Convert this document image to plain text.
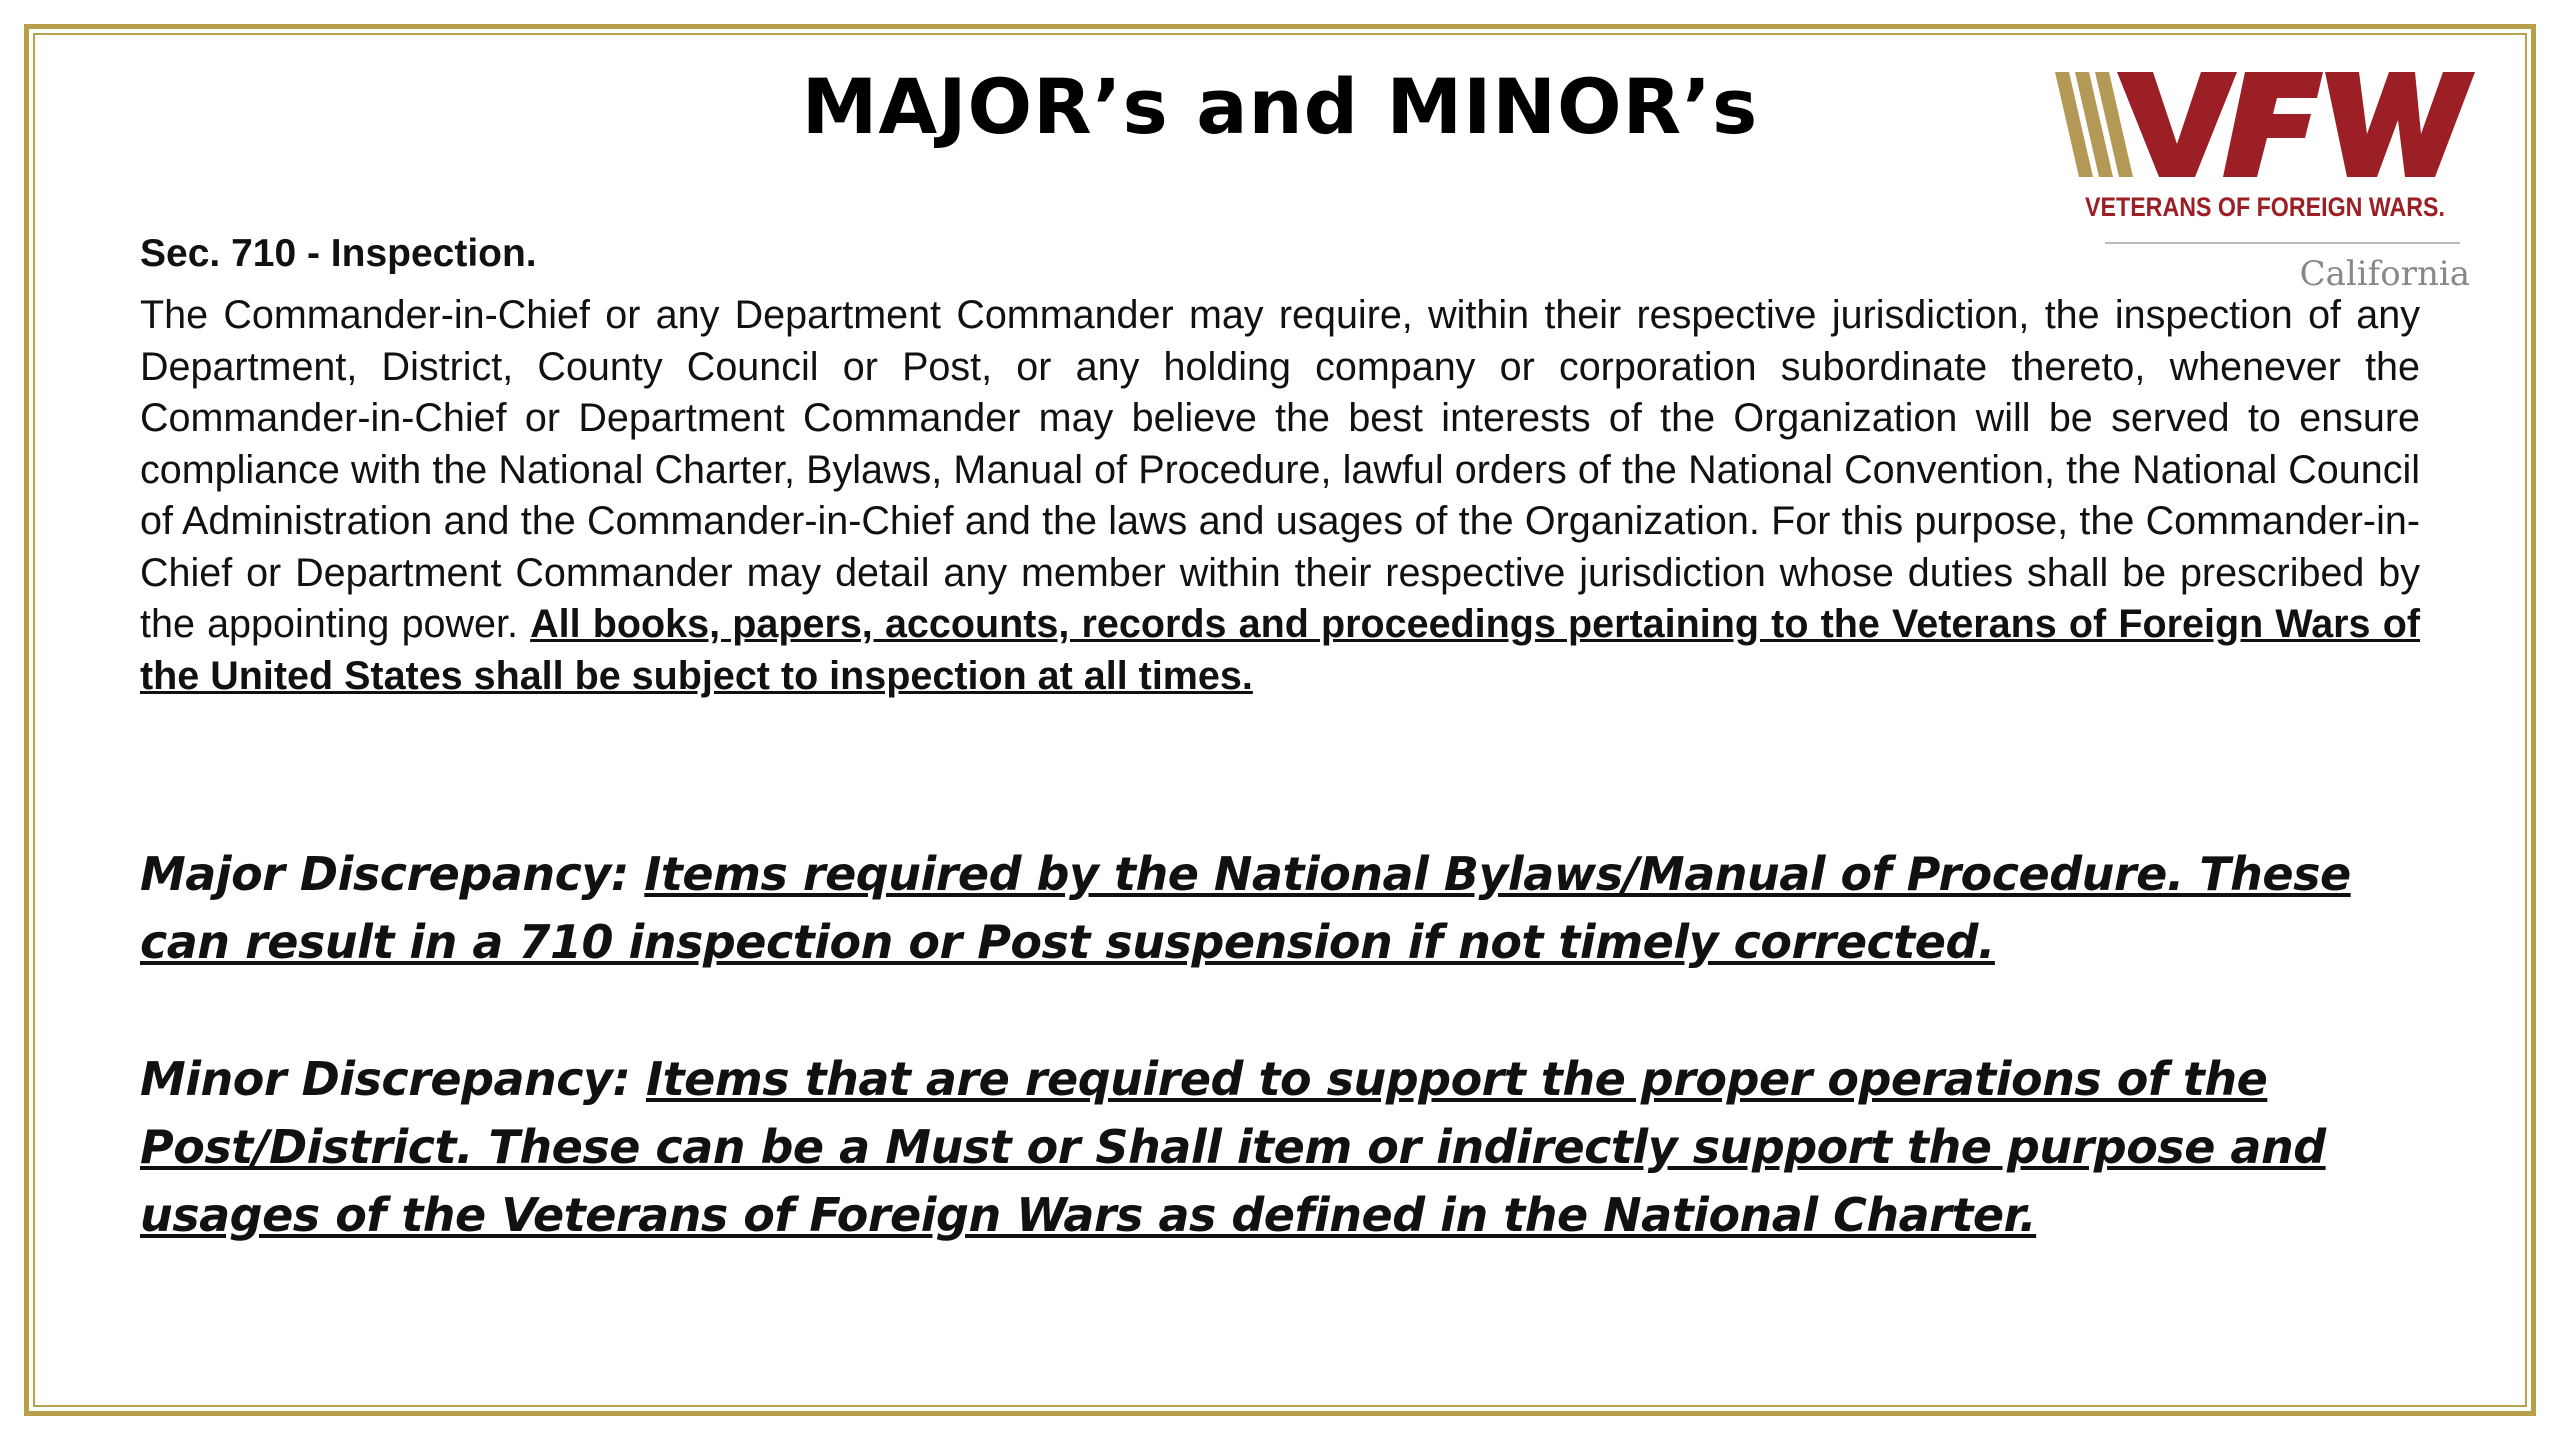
MAJOR’s and MINOR’s
VETERANS OF FOREIGN WARS.
California
Sec. 710 - Inspection.

The Commander-in-Chief or any Department Commander may require, within their respective jurisdiction, the inspection of any Department, District, County Council or Post, or any holding company or corporation subordinate thereto, whenever the Commander-in-Chief or Department Commander may believe the best interests of the Organization will be served to ensure compliance with the National Charter, Bylaws, Manual of Procedure, lawful orders of the National Convention, the National Council of Administration and the Commander-in-Chief and the laws and usages of the Organization. For this purpose, the Commander-in-Chief or Department Commander may detail any member within their respective jurisdiction whose duties shall be prescribed by the appointing power. All books, papers, accounts, records and proceedings pertaining to the Veterans of Foreign Wars of the United States shall be subject to inspection at all times.

Major Discrepancy: Items required by the National Bylaws/Manual of Procedure. These can result in a 710 inspection or Post suspension if not timely corrected.

Minor Discrepancy: Items that are required to support the proper operations of the Post/District. These can be a Must or Shall item or indirectly support the purpose and usages of the Veterans of Foreign Wars as defined in the National Charter.
